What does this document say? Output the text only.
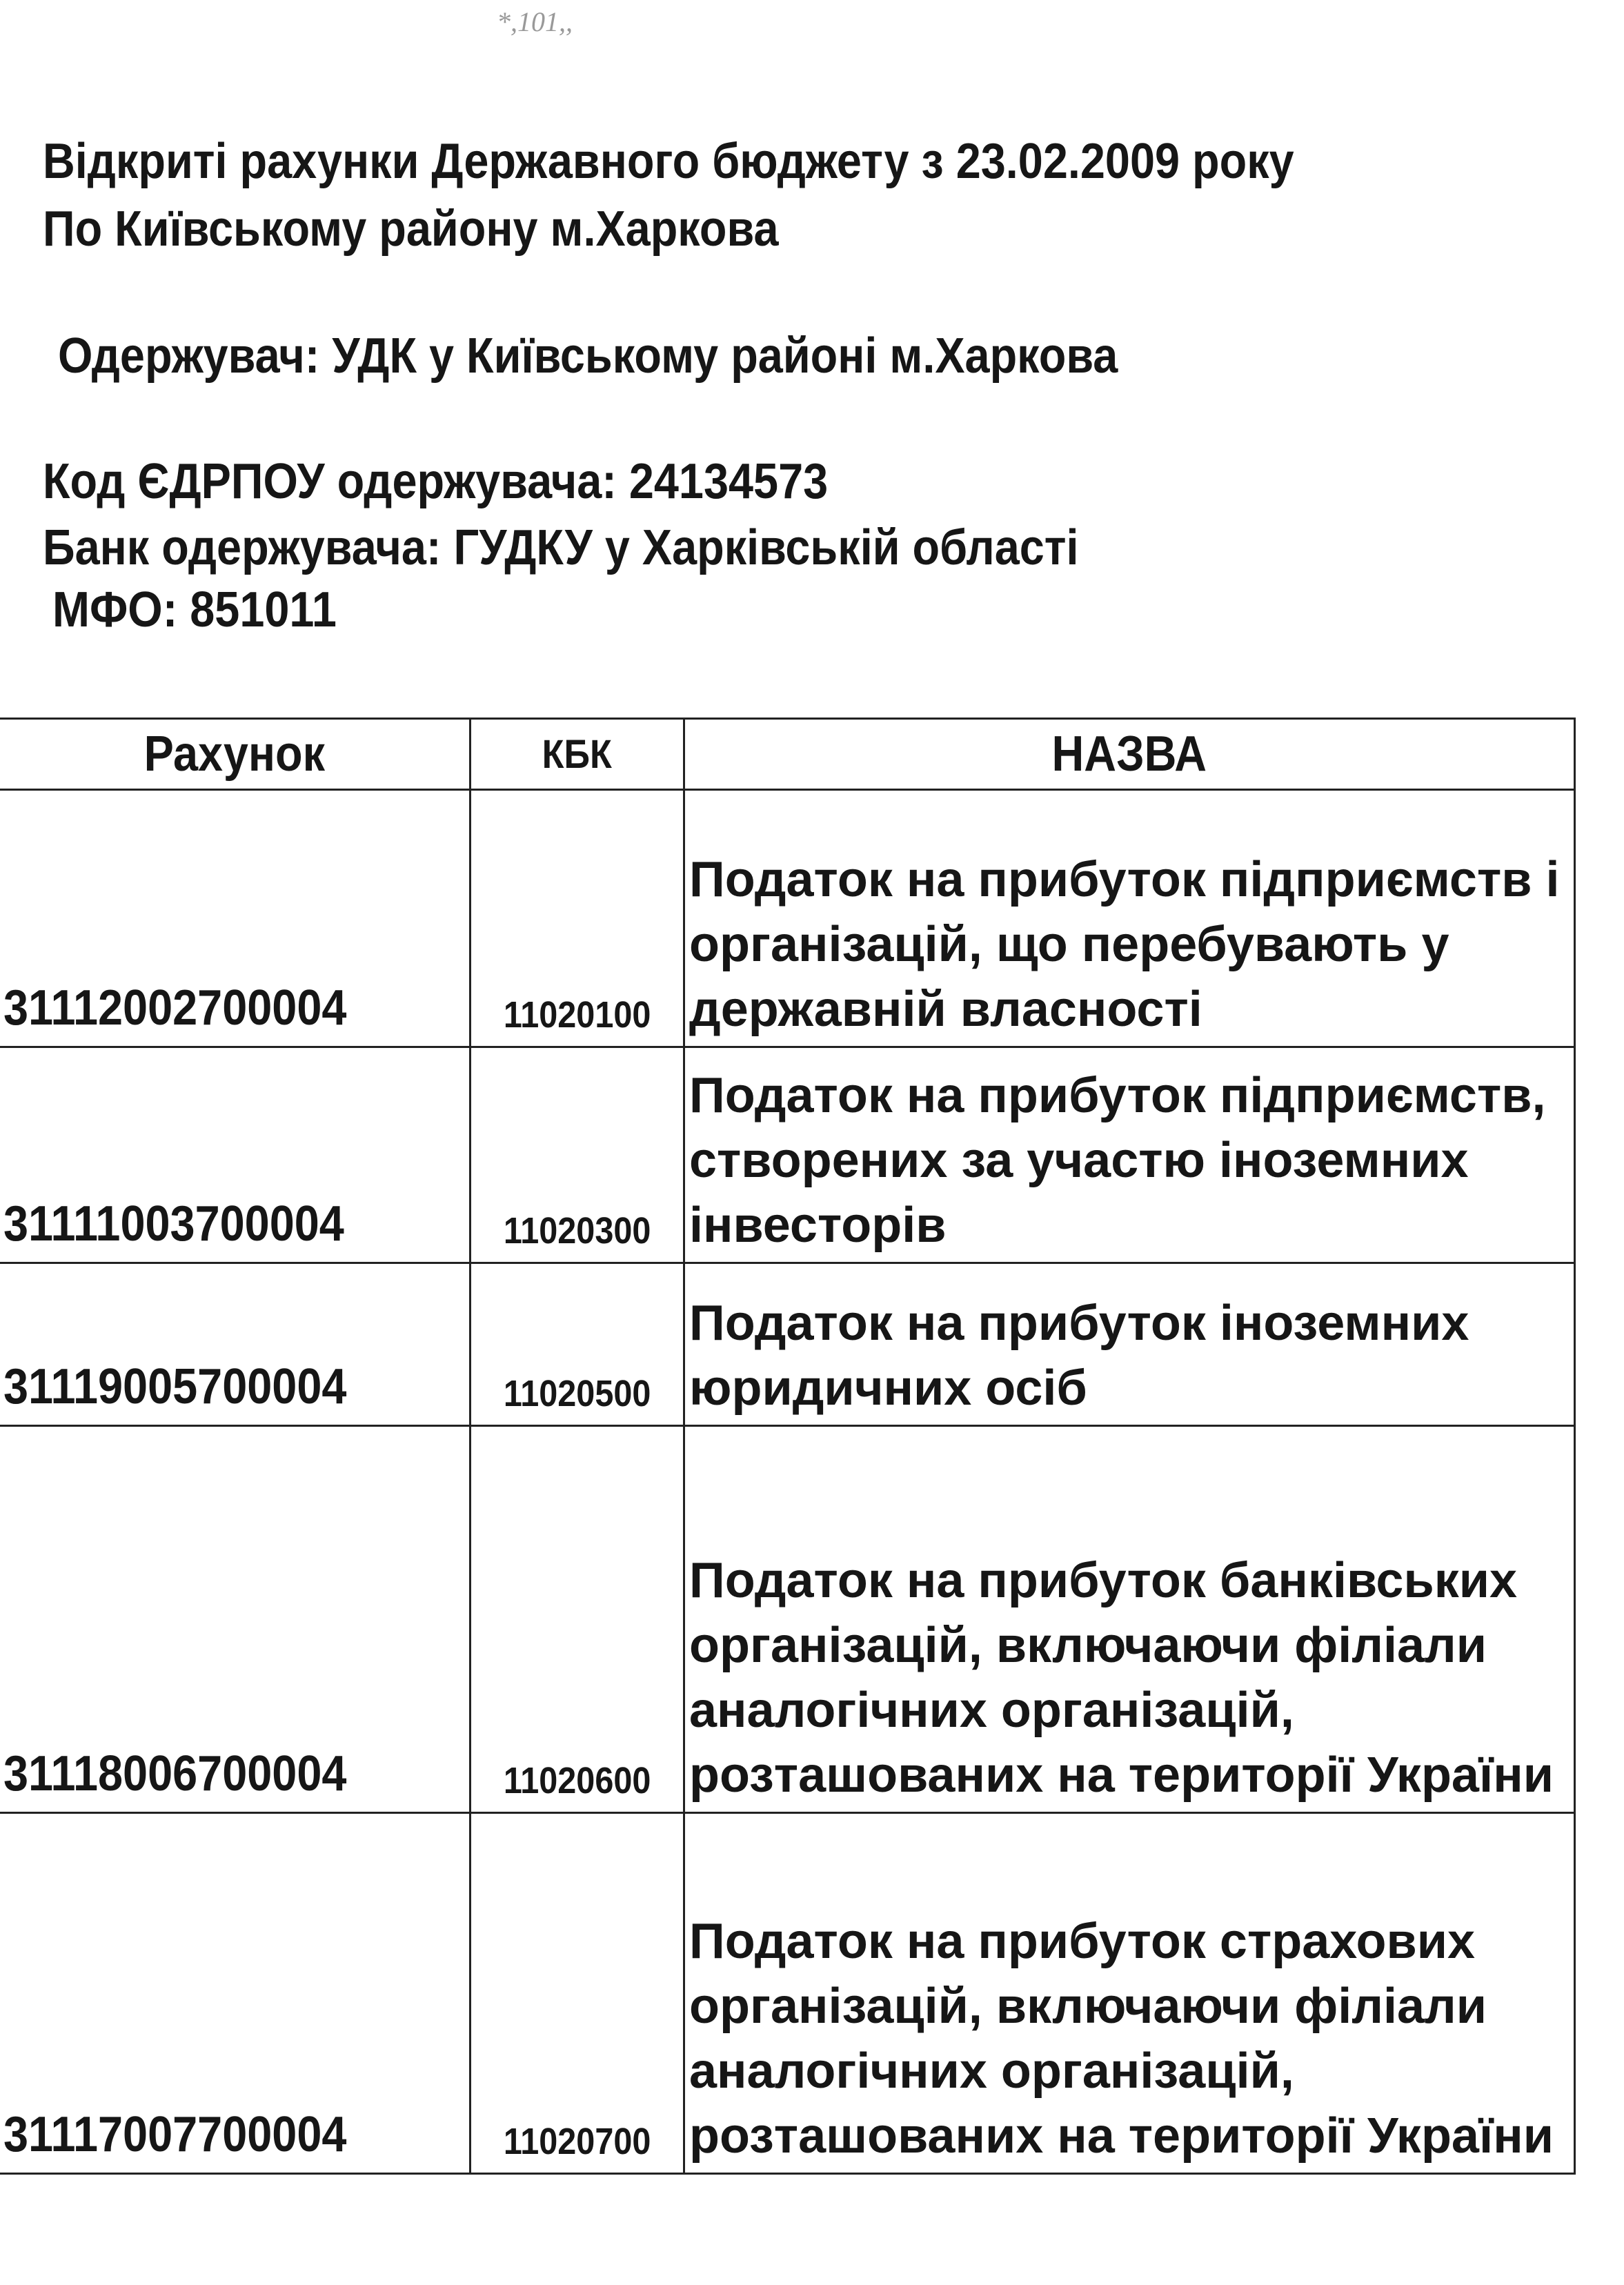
*,101,,
Відкриті рахунки Державного бюджету з 23.02.2009 року
По Київському району м.Харкова
Одержувач: УДК у Київському районі м.Харкова
Код ЄДРПОУ одержувача: 24134573
Банк одержувача: ГУДКУ у Харківській області
МФО: 851011
Рахунок	КБК	НАЗВА
31112002700004	11020100	Податок на прибуток підприємств і організацій, що перебувають у державній власності
31111003700004	11020300	Податок на прибуток підприємств, створених за участю іноземних інвесторів
31119005700004	11020500	Податок на прибуток іноземних юридичних осіб
31118006700004	11020600	Податок на прибуток банківських організацій, включаючи філіали аналогічних організацій, розташованих на території України
31117007700004	11020700	Податок на прибуток страхових організацій, включаючи філіали аналогічних організацій, розташованих на території України
